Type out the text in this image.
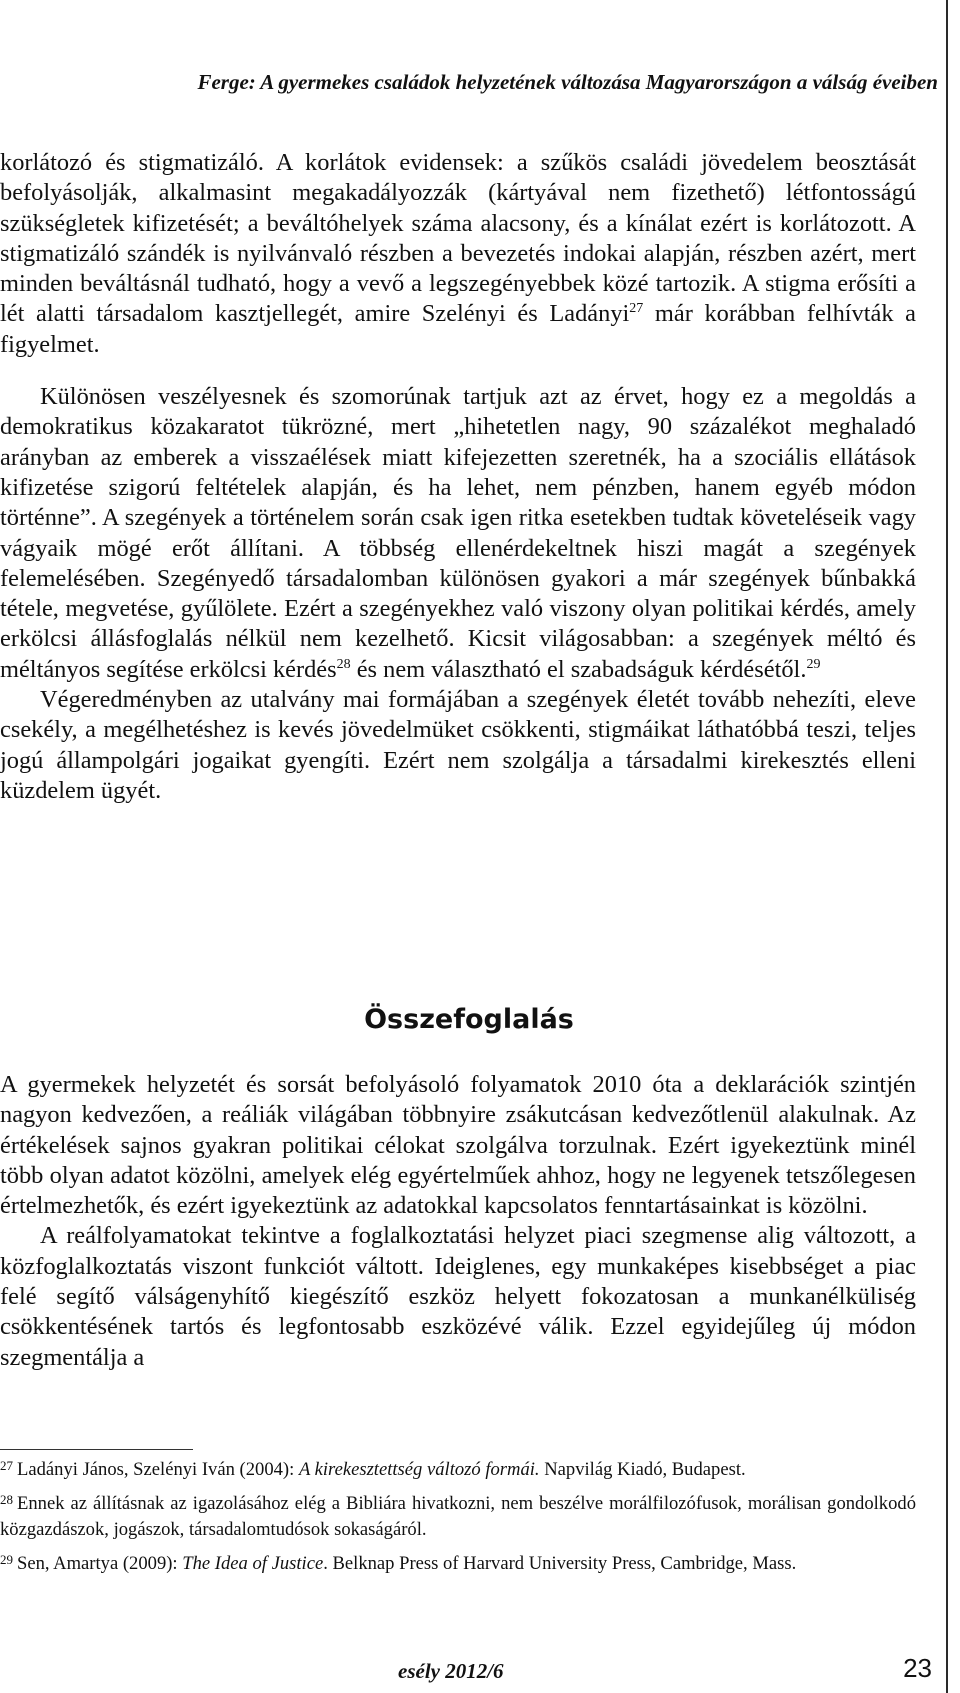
Ferge: A gyermekes családok helyzetének változása Magyarországon a válság éveiben

korlátozó és stigmatizáló. A korlátok evidensek: a szűkös családi jövedelem beosztását befolyásolják, alkalmasint megakadályozzák (kártyával nem fizethető) létfontosságú szükségletek kifizetését; a beváltóhelyek száma alacsony, és a kínálat ezért is korlátozott. A stigmatizáló szándék is nyilvánvaló részben a bevezetés indokai alapján, részben azért, mert minden beváltásnál tudható, hogy a vevő a legszegényebbek közé tartozik. A stigma erősíti a lét alatti társadalom kasztjellegét, amire Szelényi és Ladányi$^{27}$ már korábban felhívták a figyelmet.

Különösen veszélyesnek és szomorúnak tartjuk azt az érvet, hogy ez a megoldás a demokratikus közakaratot tükrözné, mert „hihetetlen nagy, 90 százalékot meghaladó arányban az emberek a visszaélések miatt kifejezetten szeretnék, ha a szociális ellátások kifizetése szigorú feltételek alapján, és ha lehet, nem pénzben, hanem egyéb módon történne”. A szegények a történelem során csak igen ritka esetekben tudtak követeléseik vagy vágyaik mögé erőt állítani. A többség ellenérdekeltnek hiszi magát a szegények felemelésében. Szegényedő társadalomban különösen gyakori a már szegények bűnbakká tétele, megvetése, gyűlölete. Ezért a szegényekhez való viszony olyan politikai kérdés, amely erkölcsi állásfoglalás nélkül nem kezelhető. Kicsit világosabban: a szegények méltó és méltányos segítése erkölcsi kérdés$^{28}$ és nem választható el szabadságuk kérdésétől.$^{29}$

Végeredményben az utalvány mai formájában a szegények életét tovább nehezíti, eleve csekély, a megélhetéshez is kevés jövedelmüket csökkenti, stigmáikat láthatóbbá teszi, teljes jogú állampolgári jogaikat gyengíti. Ezért nem szolgálja a társadalmi kirekesztés elleni küzdelem ügyét.

Összefoglalás

A gyermekek helyzetét és sorsát befolyásoló folyamatok 2010 óta a deklarációk szintjén nagyon kedvezően, a reáliák világában többnyire zsákutcásan kedvezőtlenül alakulnak. Az értékelések sajnos gyakran politikai célokat szolgálva torzulnak. Ezért igyekeztünk minél több olyan adatot közölni, amelyek elég egyértelműek ahhoz, hogy ne legyenek tetszőlegesen értelmezhetők, és ezért igyekeztünk az adatokkal kapcsolatos fenntartásainkat is közölni.

A reálfolyamatokat tekintve a foglalkoztatási helyzet piaci szegmense alig változott, a közfoglalkoztatás viszont funkciót váltott. Ideiglenes, egy munkaképes kisebbséget a piac felé segítő válságenyhítő kiegészítő eszköz helyett fokozatosan a munkanélküliség csökkentésének tartós és legfontosabb eszközévé válik. Ezzel egyidejűleg új módon szegmentálja a

$^{27}$ Ladányi János, Szelényi Iván (2004): A kirekesztettség változó formái. Napvilág Kiadó, Budapest.

$^{28}$ Ennek az állításnak az igazolásához elég a Bibliára hivatkozni, nem beszélve morálfilozófusok, morálisan gondolkodó közgazdászok, jogászok, társadalomtudósok sokaságáról.

$^{29}$ Sen, Amartya (2009): The Idea of Justice. Belknap Press of Harvard University Press, Cambridge, Mass.

esély 2012/6	23
